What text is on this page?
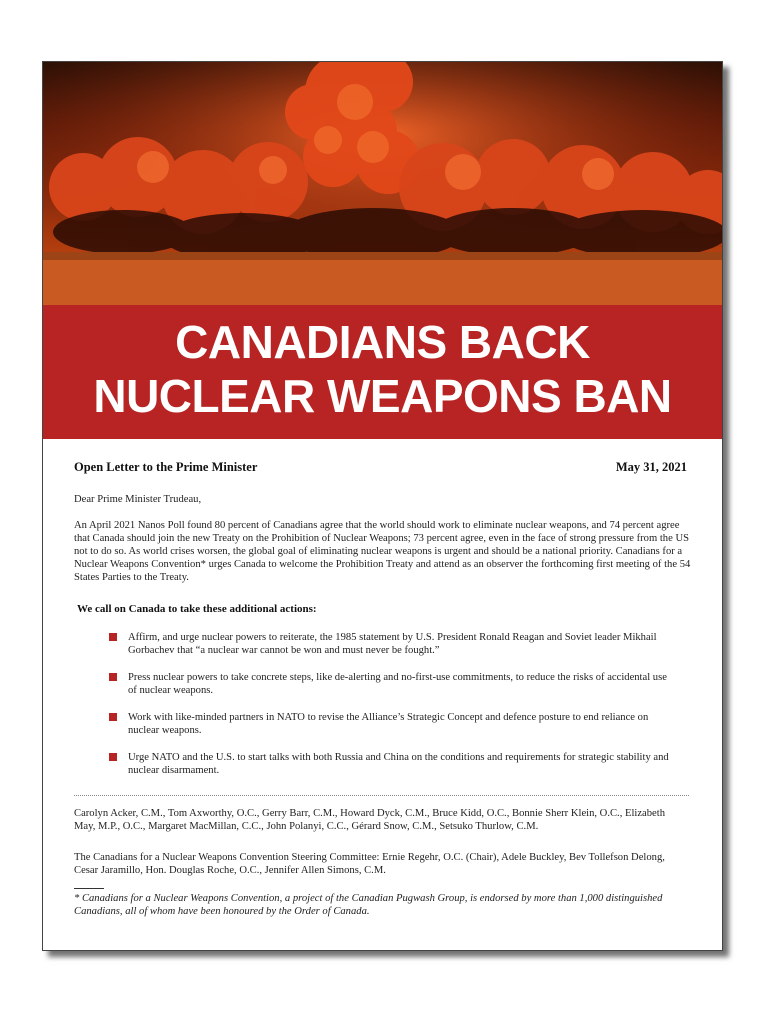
CANADIANS BACK
NUCLEAR WEAPONS BAN
Open Letter to the Prime Minister	May 31, 2021
Dear Prime Minister Trudeau,
An April 2021 Nanos Poll found 80 percent of Canadians agree that the world should work to eliminate nuclear weapons, and 74 percent agree that Canada should join the new Treaty on the Prohibition of Nuclear Weapons; 73 percent agree, even in the face of strong pressure from the US not to do so. As world crises worsen, the global goal of eliminating nuclear weapons is urgent and should be a national priority. Canadians for a Nuclear Weapons Convention* urges Canada to welcome the Prohibition Treaty and attend as an observer the forthcoming first meeting of the 54 States Parties to the Treaty.
We call on Canada to take these additional actions:
Affirm, and urge nuclear powers to reiterate, the 1985 statement by U.S. President Ronald Reagan and Soviet leader Mikhail Gorbachev that “a nuclear war cannot be won and must never be fought.”
Press nuclear powers to take concrete steps, like de-alerting and no-first-use commitments, to reduce the risks of accidental use of nuclear weapons.
Work with like-minded partners in NATO to revise the Alliance’s Strategic Concept and defence posture to end reliance on nuclear weapons.
Urge NATO and the U.S. to start talks with both Russia and China on the conditions and requirements for strategic stability and nuclear disarmament.
Carolyn Acker, C.M., Tom Axworthy, O.C., Gerry Barr, C.M., Howard Dyck, C.M., Bruce Kidd, O.C., Bonnie Sherr Klein, O.C., Elizabeth May, M.P., O.C., Margaret MacMillan, C.C., John Polanyi, C.C., Gérard Snow, C.M., Setsuko Thurlow, C.M.
The Canadians for a Nuclear Weapons Convention Steering Committee: Ernie Regehr, O.C. (Chair), Adele Buckley, Bev Tollefson Delong, Cesar Jaramillo, Hon. Douglas Roche, O.C., Jennifer Allen Simons, C.M.
* Canadians for a Nuclear Weapons Convention, a project of the Canadian Pugwash Group, is endorsed by more than 1,000 distinguished Canadians, all of whom have been honoured by the Order of Canada.
